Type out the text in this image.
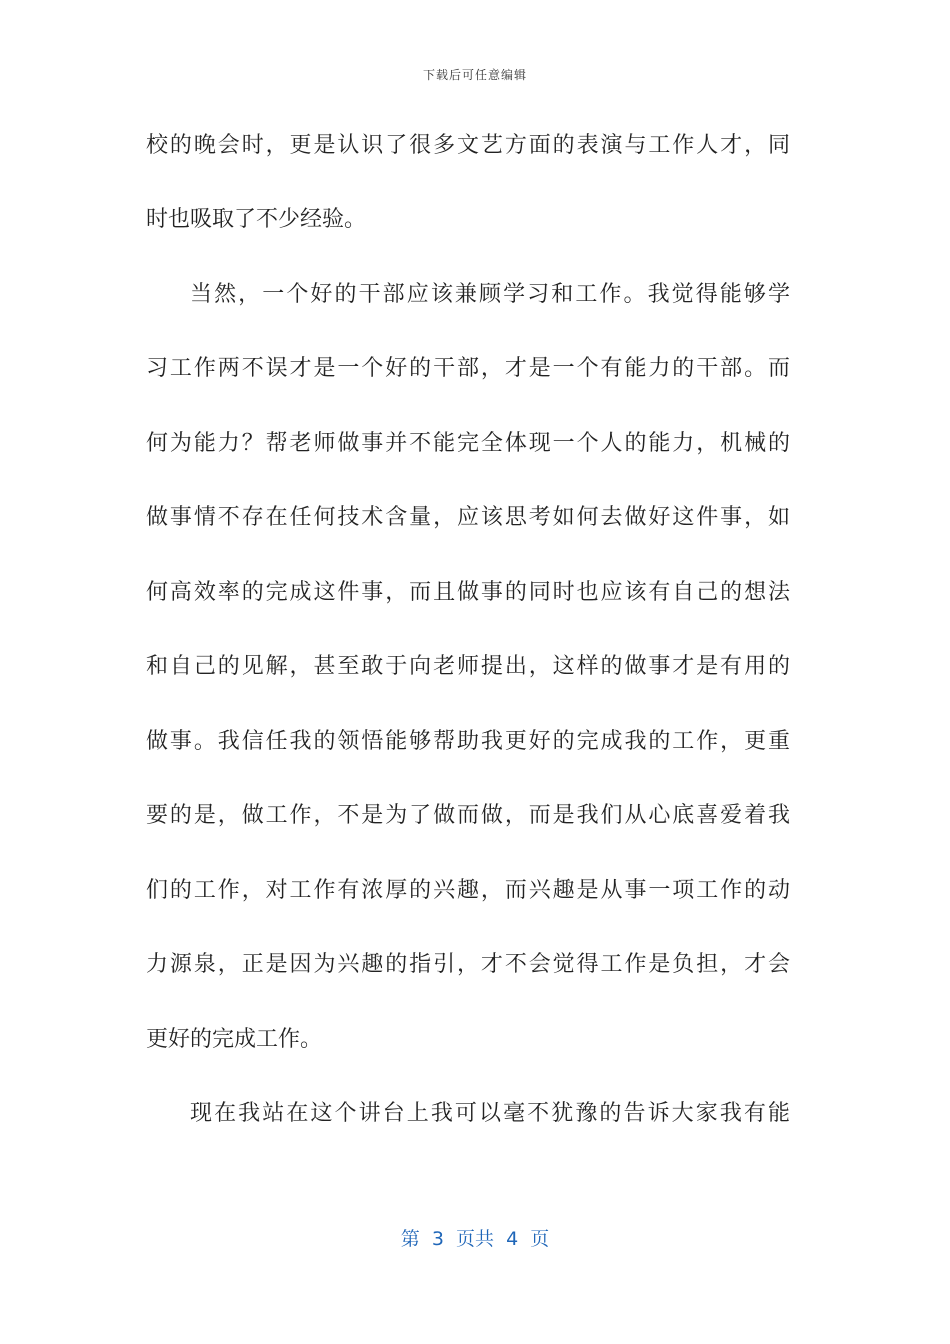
下载后可任意编辑
校的晚会时，更是认识了很多文艺方面的表演与工作人才，同
时也吸取了不少经验。
当然，一个好的干部应该兼顾学习和工作。我觉得能够学
习工作两不误才是一个好的干部，才是一个有能力的干部。而
何为能力？帮老师做事并不能完全体现一个人的能力，机械的
做事情不存在任何技术含量，应该思考如何去做好这件事，如
何高效率的完成这件事，而且做事的同时也应该有自己的想法
和自己的见解，甚至敢于向老师提出，这样的做事才是有用的
做事。我信任我的领悟能够帮助我更好的完成我的工作，更重
要的是，做工作，不是为了做而做，而是我们从心底喜爱着我
们的工作，对工作有浓厚的兴趣，而兴趣是从事一项工作的动
力源泉，正是因为兴趣的指引，才不会觉得工作是负担，才会
更好的完成工作。
现在我站在这个讲台上我可以毫不犹豫的告诉大家我有能
第  3  页共  4  页
